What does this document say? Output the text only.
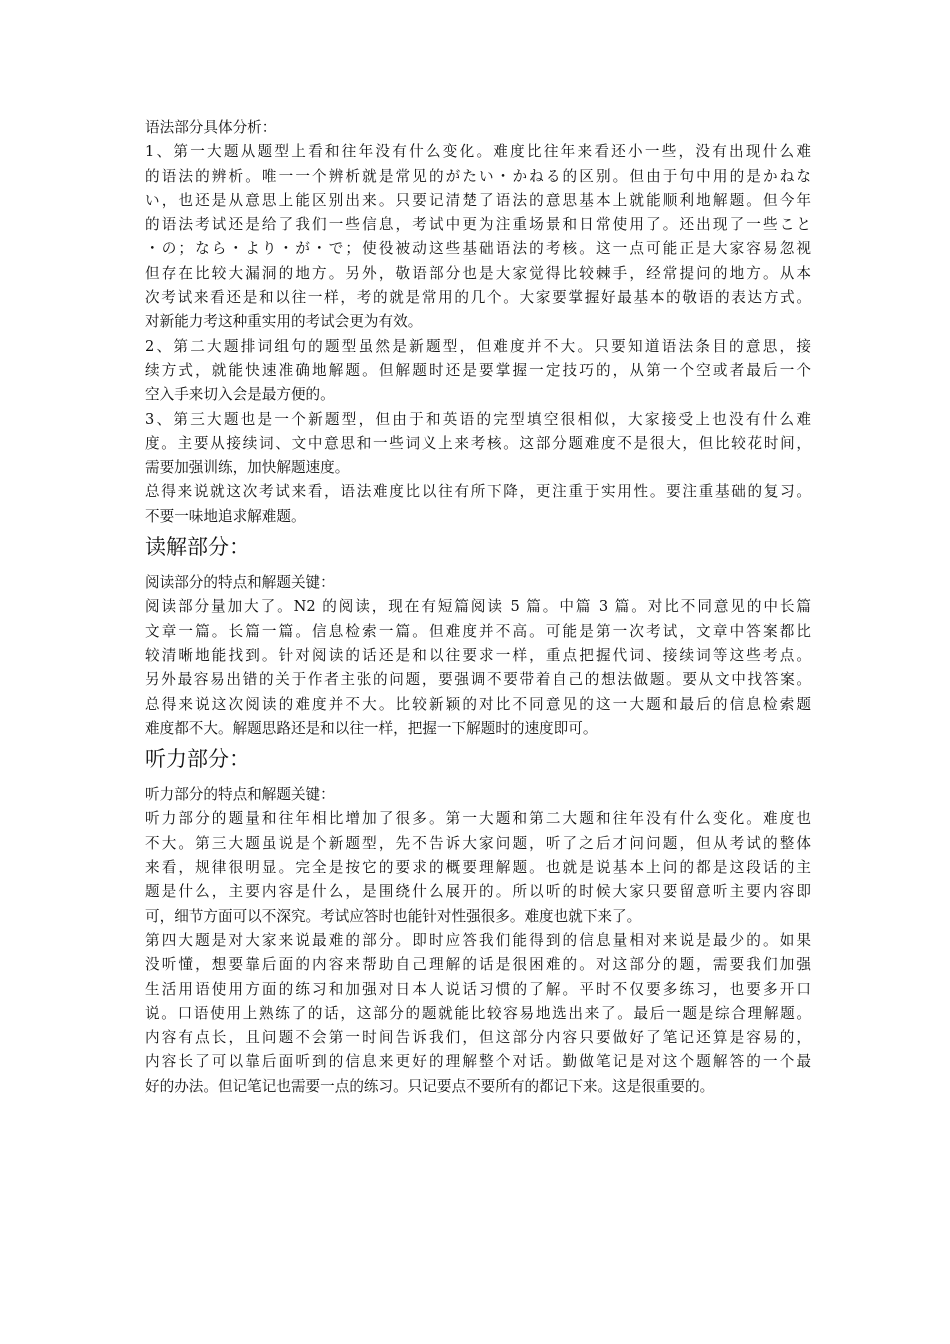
语法部分具体分析：
1、第一大题从题型上看和往年没有什么变化。难度比往年来看还小一些，没有出现什么难
的语法的辨析。唯一一个辨析就是常见的がたい・かねる的区别。但由于句中用的是かねな
い，也还是从意思上能区别出来。只要记清楚了语法的意思基本上就能顺利地解题。但今年
的语法考试还是给了我们一些信息，考试中更为注重场景和日常使用了。还出现了一些こと
・の；なら・より・が・で；使役被动这些基础语法的考核。这一点可能正是大家容易忽视
但存在比较大漏洞的地方。另外，敬语部分也是大家觉得比较棘手，经常提问的地方。从本
次考试来看还是和以往一样，考的就是常用的几个。大家要掌握好最基本的敬语的表达方式。
对新能力考这种重实用的考试会更为有效。
2、第二大题排词组句的题型虽然是新题型，但难度并不大。只要知道语法条目的意思，接
续方式，就能快速准确地解题。但解题时还是要掌握一定技巧的，从第一个空或者最后一个
空入手来切入会是最方便的。
3、第三大题也是一个新题型，但由于和英语的完型填空很相似，大家接受上也没有什么难
度。主要从接续词、文中意思和一些词义上来考核。这部分题难度不是很大，但比较花时间，
需要加强训练，加快解题速度。
总得来说就这次考试来看，语法难度比以往有所下降，更注重于实用性。要注重基础的复习。
不要一味地追求解难题。
读解部分：
阅读部分的特点和解题关键：
阅读部分量加大了。N2 的阅读，现在有短篇阅读 5 篇。中篇 3 篇。对比不同意见的中长篇
文章一篇。长篇一篇。信息检索一篇。但难度并不高。可能是第一次考试，文章中答案都比
较清晰地能找到。针对阅读的话还是和以往要求一样，重点把握代词、接续词等这些考点。
另外最容易出错的关于作者主张的问题，要强调不要带着自己的想法做题。要从文中找答案。
总得来说这次阅读的难度并不大。比较新颖的对比不同意见的这一大题和最后的信息检索题
难度都不大。解题思路还是和以往一样，把握一下解题时的速度即可。
听力部分：
听力部分的特点和解题关键：
听力部分的题量和往年相比增加了很多。第一大题和第二大题和往年没有什么变化。难度也
不大。第三大题虽说是个新题型，先不告诉大家问题，听了之后才问问题，但从考试的整体
来看，规律很明显。完全是按它的要求的概要理解题。也就是说基本上问的都是这段话的主
题是什么，主要内容是什么，是围绕什么展开的。所以听的时候大家只要留意听主要内容即
可，细节方面可以不深究。考试应答时也能针对性强很多。难度也就下来了。
第四大题是对大家来说最难的部分。即时应答我们能得到的信息量相对来说是最少的。如果
没听懂，想要靠后面的内容来帮助自己理解的话是很困难的。对这部分的题，需要我们加强
生活用语使用方面的练习和加强对日本人说话习惯的了解。平时不仅要多练习，也要多开口
说。口语使用上熟练了的话，这部分的题就能比较容易地选出来了。最后一题是综合理解题。
内容有点长，且问题不会第一时间告诉我们，但这部分内容只要做好了笔记还算是容易的，
内容长了可以靠后面听到的信息来更好的理解整个对话。勤做笔记是对这个题解答的一个最
好的办法。但记笔记也需要一点的练习。只记要点不要所有的都记下来。这是很重要的。
